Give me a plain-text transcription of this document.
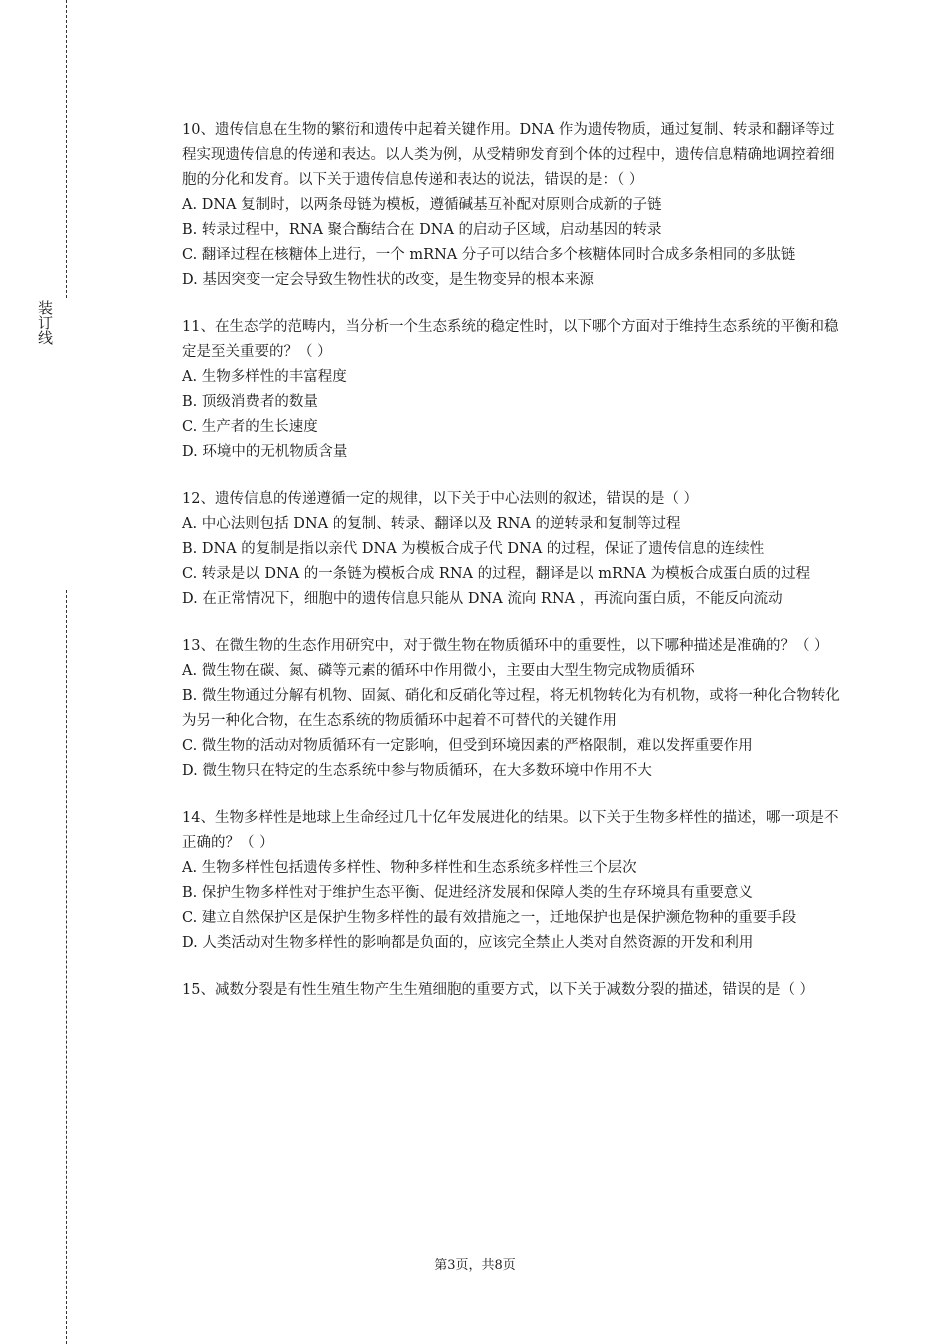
装订线

10、遗传信息在生物的繁衍和遗传中起着关键作用。DNA 作为遗传物质，通过复制、转录和翻译等过程实现遗传信息的传递和表达。以人类为例，从受精卵发育到个体的过程中，遗传信息精确地调控着细胞的分化和发育。以下关于遗传信息传递和表达的说法，错误的是：（ ）

A. DNA 复制时，以两条母链为模板，遵循碱基互补配对原则合成新的子链

B. 转录过程中，RNA 聚合酶结合在 DNA 的启动子区域，启动基因的转录

C. 翻译过程在核糖体上进行，一个 mRNA 分子可以结合多个核糖体同时合成多条相同的多肽链

D. 基因突变一定会导致生物性状的改变，是生物变异的根本来源

11、在生态学的范畴内，当分析一个生态系统的稳定性时，以下哪个方面对于维持生态系统的平衡和稳定是至关重要的？（ ）

A. 生物多样性的丰富程度

B. 顶级消费者的数量

C. 生产者的生长速度

D. 环境中的无机物质含量

12、遗传信息的传递遵循一定的规律，以下关于中心法则的叙述，错误的是（ ）

A. 中心法则包括 DNA 的复制、转录、翻译以及 RNA 的逆转录和复制等过程

B. DNA 的复制是指以亲代 DNA 为模板合成子代 DNA 的过程，保证了遗传信息的连续性

C. 转录是以 DNA 的一条链为模板合成 RNA 的过程，翻译是以 mRNA 为模板合成蛋白质的过程

D. 在正常情况下，细胞中的遗传信息只能从 DNA 流向 RNA ，再流向蛋白质，不能反向流动

13、在微生物的生态作用研究中，对于微生物在物质循环中的重要性，以下哪种描述是准确的？（ ）

A. 微生物在碳、氮、磷等元素的循环中作用微小，主要由大型生物完成物质循环

B. 微生物通过分解有机物、固氮、硝化和反硝化等过程，将无机物转化为有机物，或将一种化合物转化为另一种化合物，在生态系统的物质循环中起着不可替代的关键作用

C. 微生物的活动对物质循环有一定影响，但受到环境因素的严格限制，难以发挥重要作用

D. 微生物只在特定的生态系统中参与物质循环，在大多数环境中作用不大

14、生物多样性是地球上生命经过几十亿年发展进化的结果。以下关于生物多样性的描述，哪一项是不正确的？（ ）

A. 生物多样性包括遗传多样性、物种多样性和生态系统多样性三个层次

B. 保护生物多样性对于维护生态平衡、促进经济发展和保障人类的生存环境具有重要意义

C. 建立自然保护区是保护生物多样性的最有效措施之一，迁地保护也是保护濒危物种的重要手段

D. 人类活动对生物多样性的影响都是负面的，应该完全禁止人类对自然资源的开发和利用

15、减数分裂是有性生殖生物产生生殖细胞的重要方式，以下关于减数分裂的描述，错误的是（ ）

第3页，共8页
